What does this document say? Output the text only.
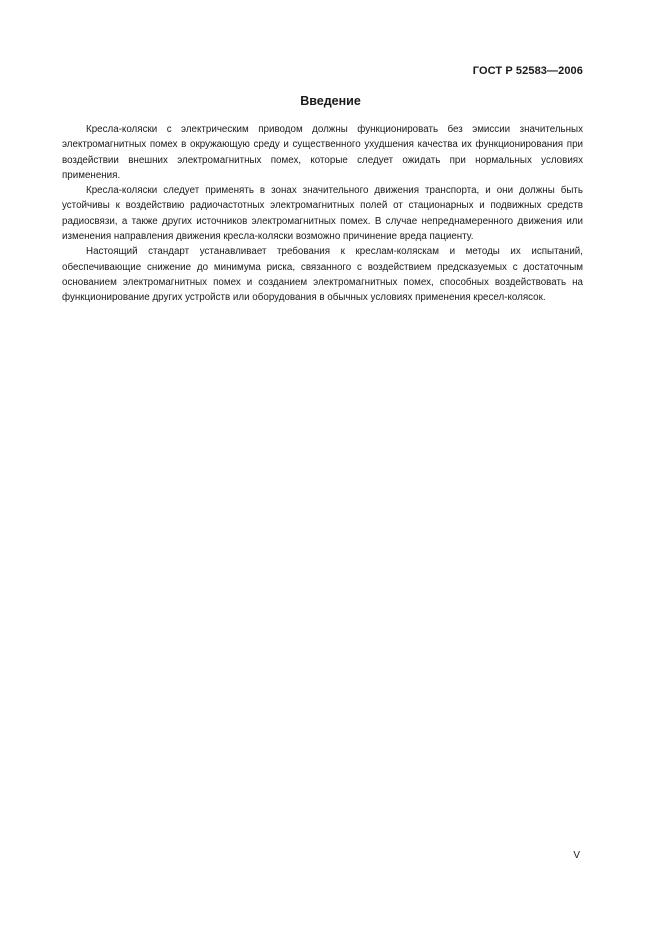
ГОСТ Р 52583—2006
Введение

Кресла-коляски с электрическим приводом должны функционировать без эмиссии значительных электромагнитных помех в окружающую среду и существенного ухудшения качества их функционирования при воздействии внешних электромагнитных помех, которые следует ожидать при нормальных условиях применения.

Кресла-коляски следует применять в зонах значительного движения транспорта, и они должны быть устойчивы к воздействию радиочастотных электромагнитных полей от стационарных и подвижных средств радиосвязи, а также других источников электромагнитных помех. В случае непреднамеренного движения или изменения направления движения кресла-коляски возможно причинение вреда пациенту.

Настоящий стандарт устанавливает требования к креслам-коляскам и методы их испытаний, обеспечивающие снижение до минимума риска, связанного с воздействием предсказуемых с достаточным основанием электромагнитных помех и созданием электромагнитных помех, способных воздействовать на функционирование других устройств или оборудования в обычных условиях применения кресел-колясок.

V
